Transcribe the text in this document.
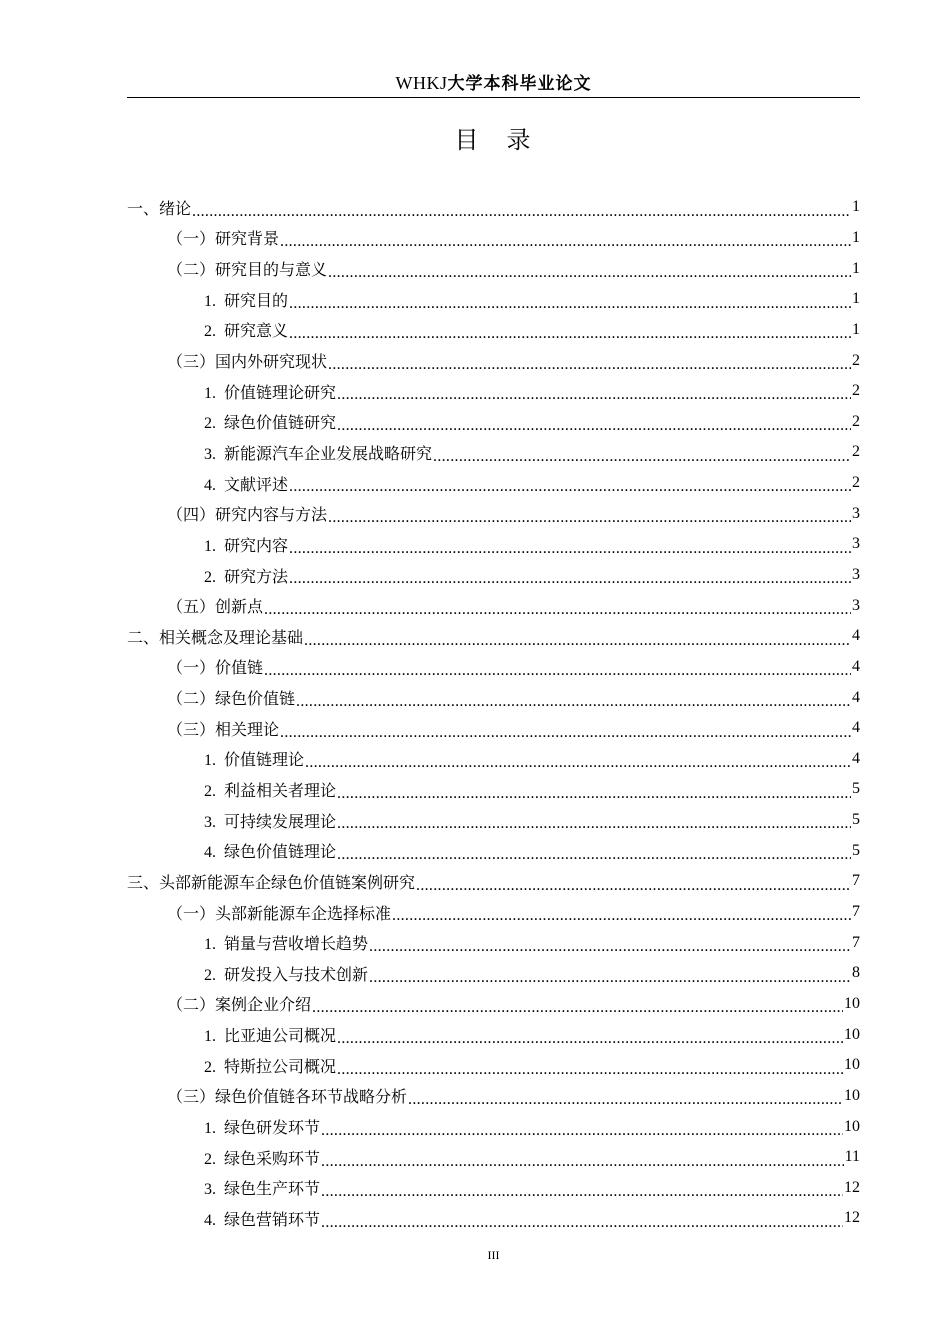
WHKJ大学本科毕业论文
目　录
一、绪论 .....	1
（一）研究背景 .....	1
（二）研究目的与意义 .....	1
1. 研究目的 .....	1
2. 研究意义 .....	1
（三）国内外研究现状 .....	2
1. 价值链理论研究 .....	2
2. 绿色价值链研究 .....	2
3. 新能源汽车企业发展战略研究 .....	2
4. 文献评述 .....	2
（四）研究内容与方法 .....	3
1. 研究内容 .....	3
2. 研究方法 .....	3
（五）创新点 .....	3
二、相关概念及理论基础 .....	4
（一）价值链 .....	4
（二）绿色价值链 .....	4
（三）相关理论 .....	4
1. 价值链理论 .....	4
2. 利益相关者理论 .....	5
3. 可持续发展理论 .....	5
4. 绿色价值链理论 .....	5
三、头部新能源车企绿色价值链案例研究 .....	7
（一）头部新能源车企选择标准 .....	7
1. 销量与营收增长趋势 .....	7
2. 研发投入与技术创新 .....	8
（二）案例企业介绍 .....	10
1. 比亚迪公司概况 .....	10
2. 特斯拉公司概况 .....	10
（三）绿色价值链各环节战略分析 .....	10
1. 绿色研发环节 .....	10
2. 绿色采购环节 .....	11
3. 绿色生产环节 .....	12
4. 绿色营销环节 .....	12
III
